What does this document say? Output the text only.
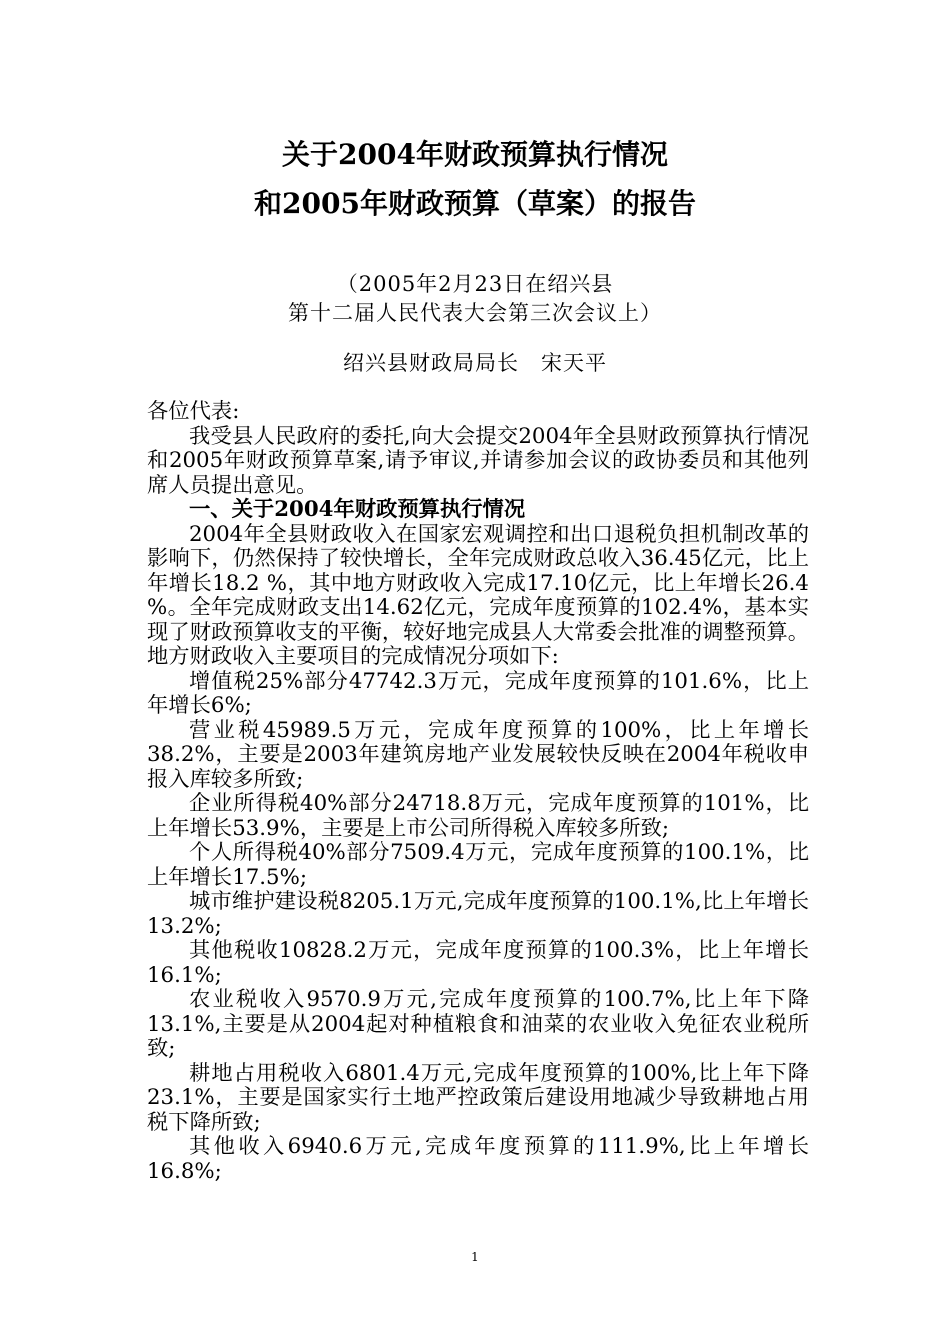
关于2004年财政预算执行情况
和2005年财政预算（草案）的报告
（2005年2月23日在绍兴县
第十二届人民代表大会第三次会议上）
绍兴县财政局局长　宋天平

各位代表:

我受县人民政府的委托,向大会提交2004年全县财政预算执行情况和2005年财政预算草案,请予审议,并请参加会议的政协委员和其他列席人员提出意见。

一、关于2004年财政预算执行情况

2004年全县财政收入在国家宏观调控和出口退税负担机制改革的影响下，仍然保持了较快增长，全年完成财政总收入36.45亿元，比上年增长18.2 %，其中地方财政收入完成17.10亿元，比上年增长26.4 %。全年完成财政支出14.62亿元，完成年度预算的102.4%，基本实现了财政预算收支的平衡，较好地完成县人大常委会批准的调整预算。地方财政收入主要项目的完成情况分项如下:

增值税25%部分47742.3万元，完成年度预算的101.6%，比上年增长6%;

营业税45989.5万元，完成年度预算的100%，比上年增长38.2%，主要是2003年建筑房地产业发展较快反映在2004年税收申报入库较多所致;

企业所得税40%部分24718.8万元，完成年度预算的101%，比上年增长53.9%，主要是上市公司所得税入库较多所致;

个人所得税40%部分7509.4万元，完成年度预算的100.1%，比上年增长17.5%;

城市维护建设税8205.1万元,完成年度预算的100.1%,比上年增长13.2%;

其他税收10828.2万元，完成年度预算的100.3%，比上年增长16.1%;

农业税收入9570.9万元,完成年度预算的100.7%,比上年下降13.1%,主要是从2004起对种植粮食和油菜的农业收入免征农业税所致;

耕地占用税收入6801.4万元,完成年度预算的100%,比上年下降23.1%，主要是国家实行土地严控政策后建设用地减少导致耕地占用税下降所致;

其他收入6940.6万元,完成年度预算的111.9%,比上年增长16.8%;

1
